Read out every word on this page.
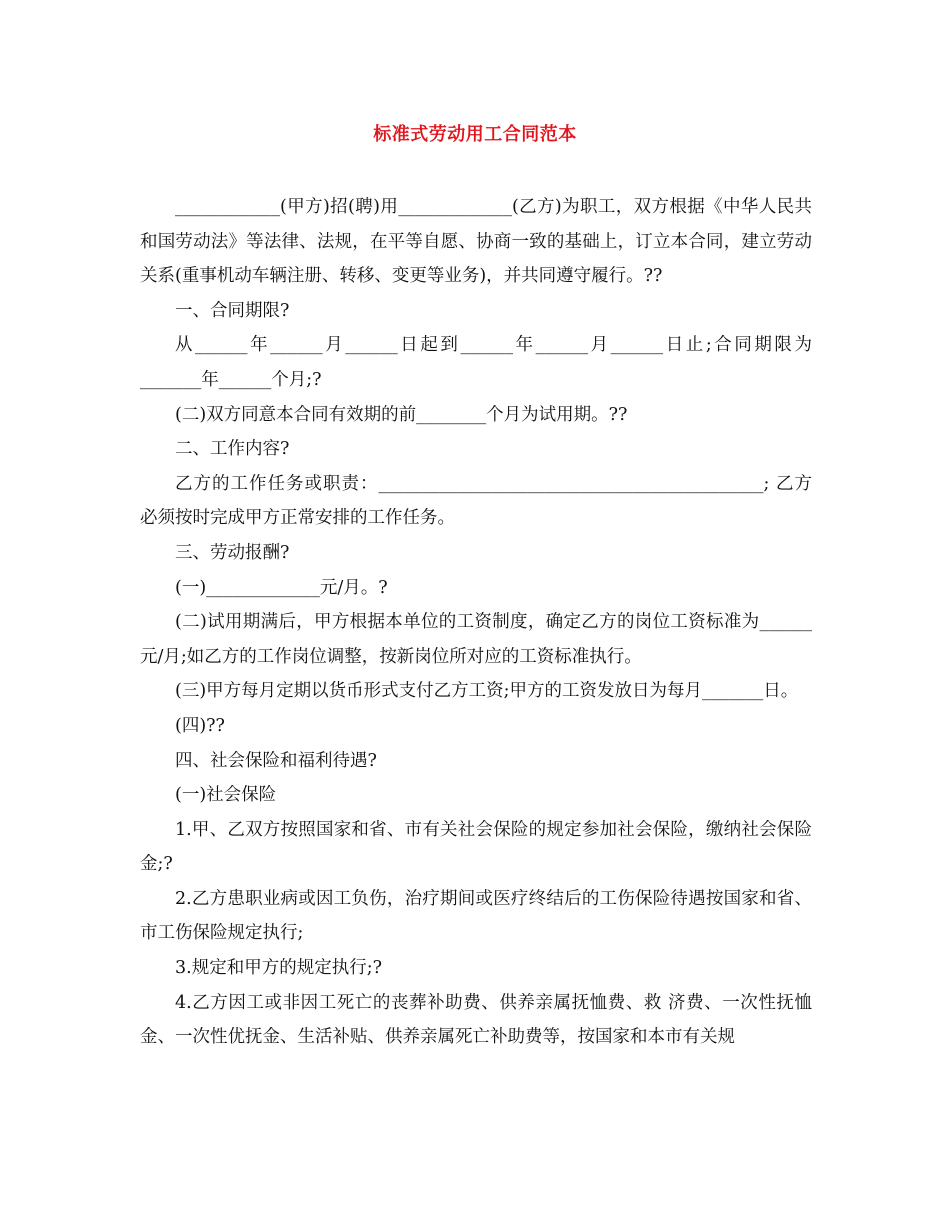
标准式劳动用工合同范本

____________(甲方)招(聘)用_____________(乙方)为职工，双方根据《中华人民共和国劳动法》等法律、法规，在平等自愿、协商一致的基础上，订立本合同，建立劳动关系(重事机动车辆注册、转移、变更等业务)，并共同遵守履行。??

一、合同期限?

从______年______月______日起到______年______月______日止;合同期限为_______年______个月;?

(二)双方同意本合同有效期的前________个月为试用期。??

二、工作内容?

乙方的工作任务或职责：____________________________________________; 乙方必须按时完成甲方正常安排的工作任务。

三、劳动报酬?

(一)_____________元/月。?

(二)试用期满后，甲方根据本单位的工资制度，确定乙方的岗位工资标准为______元/月;如乙方的工作岗位调整，按新岗位所对应的工资标准执行。

(三)甲方每月定期以货币形式支付乙方工资;甲方的工资发放日为每月_______日。

(四)??

四、社会保险和福利待遇?

(一)社会保险

1.甲、乙双方按照国家和省、市有关社会保险的规定参加社会保险，缴纳社会保险金;?

2.乙方患职业病或因工负伤，治疗期间或医疗终结后的工伤保险待遇按国家和省、市工伤保险规定执行;

3.规定和甲方的规定执行;?

4.乙方因工或非因工死亡的丧葬补助费、供养亲属抚恤费、救 济费、一次性抚恤金、一次性优抚金、生活补贴、供养亲属死亡补助费等，按国家和本市有关规
